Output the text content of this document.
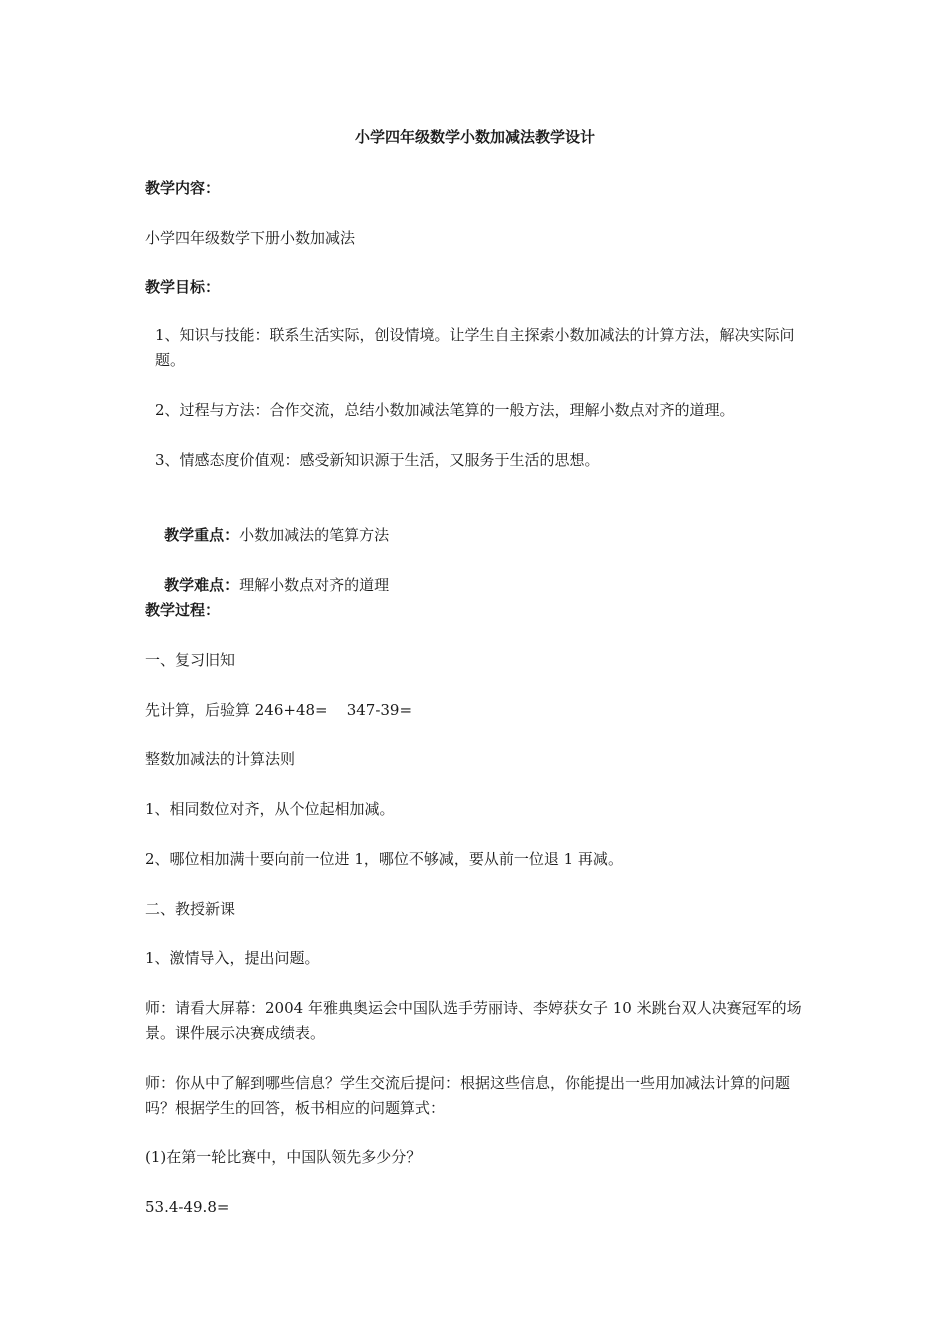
小学四年级数学小数加减法教学设计
教学内容：
小学四年级数学下册小数加减法
教学目标：
1、知识与技能：联系生活实际，创设情境。让学生自主探索小数加减法的计算方法，解决实际问题。
2、过程与方法：合作交流，总结小数加减法笔算的一般方法，理解小数点对齐的道理。
3、情感态度价值观：感受新知识源于生活，又服务于生活的思想。

教学重点：小数加减法的笔算方法

教学难点：理解小数点对齐的道理

教学过程：
一、复习旧知
先计算，后验算 246+48=    347-39=
整数加减法的计算法则
1、相同数位对齐，从个位起相加减。
2、哪位相加满十要向前一位进 1，哪位不够减，要从前一位退 1 再减。
二、教授新课
1、激情导入，提出问题。
师：请看大屏幕：2004 年雅典奥运会中国队选手劳丽诗、李婷获女子 10 米跳台双人决赛冠军的场景。课件展示决赛成绩表。
师：你从中了解到哪些信息？学生交流后提问：根据这些信息，你能提出一些用加减法计算的问题吗？根据学生的回答，板书相应的问题算式：
(1)在第一轮比赛中，中国队领先多少分？
53.4-49.8=
